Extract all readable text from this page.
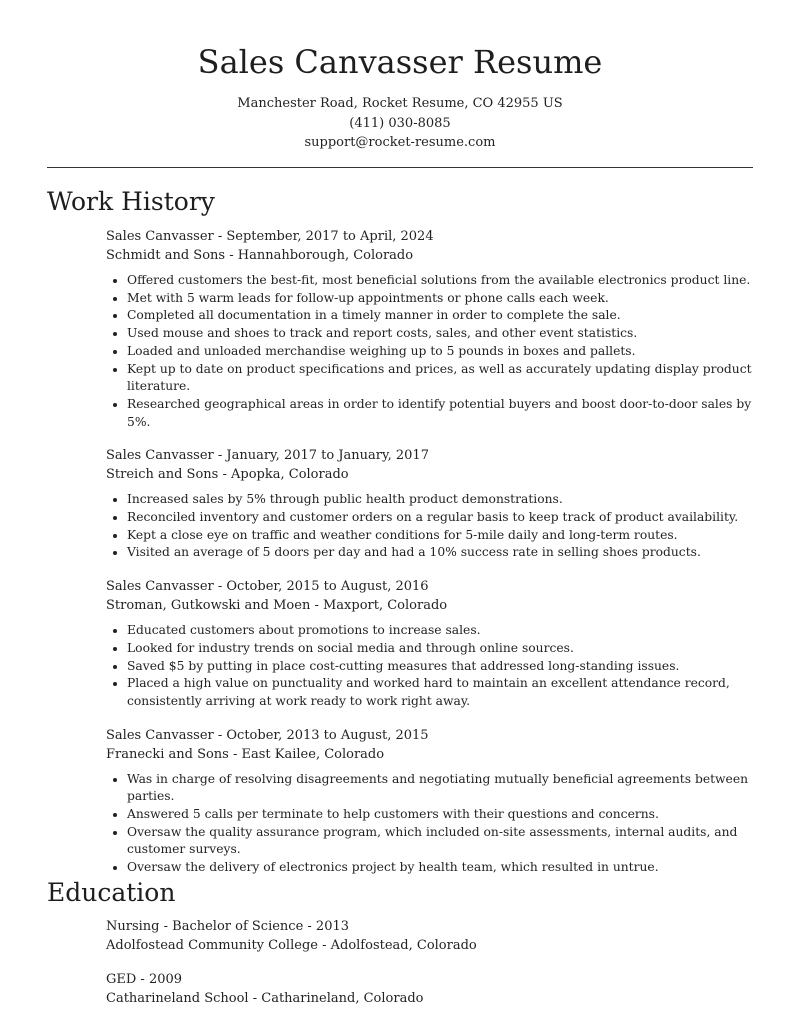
Sales Canvasser Resume
Manchester Road, Rocket Resume, CO 42955 US
(411) 030-8085
support@rocket-resume.com
Work History
Sales Canvasser - September, 2017 to April, 2024
Schmidt and Sons - Hannahborough, Colorado
• Offered customers the best-fit, most beneficial solutions from the available electronics product line.
• Met with 5 warm leads for follow-up appointments or phone calls each week.
• Completed all documentation in a timely manner in order to complete the sale.
• Used mouse and shoes to track and report costs, sales, and other event statistics.
• Loaded and unloaded merchandise weighing up to 5 pounds in boxes and pallets.
• Kept up to date on product specifications and prices, as well as accurately updating display product literature.
• Researched geographical areas in order to identify potential buyers and boost door-to-door sales by 5%.
Sales Canvasser - January, 2017 to January, 2017
Streich and Sons - Apopka, Colorado
• Increased sales by 5% through public health product demonstrations.
• Reconciled inventory and customer orders on a regular basis to keep track of product availability.
• Kept a close eye on traffic and weather conditions for 5-mile daily and long-term routes.
• Visited an average of 5 doors per day and had a 10% success rate in selling shoes products.
Sales Canvasser - October, 2015 to August, 2016
Stroman, Gutkowski and Moen - Maxport, Colorado
• Educated customers about promotions to increase sales.
• Looked for industry trends on social media and through online sources.
• Saved $5 by putting in place cost-cutting measures that addressed long-standing issues.
• Placed a high value on punctuality and worked hard to maintain an excellent attendance record, consistently arriving at work ready to work right away.
Sales Canvasser - October, 2013 to August, 2015
Franecki and Sons - East Kailee, Colorado
• Was in charge of resolving disagreements and negotiating mutually beneficial agreements between parties.
• Answered 5 calls per terminate to help customers with their questions and concerns.
• Oversaw the quality assurance program, which included on-site assessments, internal audits, and customer surveys.
• Oversaw the delivery of electronics project by health team, which resulted in untrue.
Education
Nursing - Bachelor of Science - 2013
Adolfostead Community College - Adolfostead, Colorado
GED - 2009
Catharineland School - Catharineland, Colorado
